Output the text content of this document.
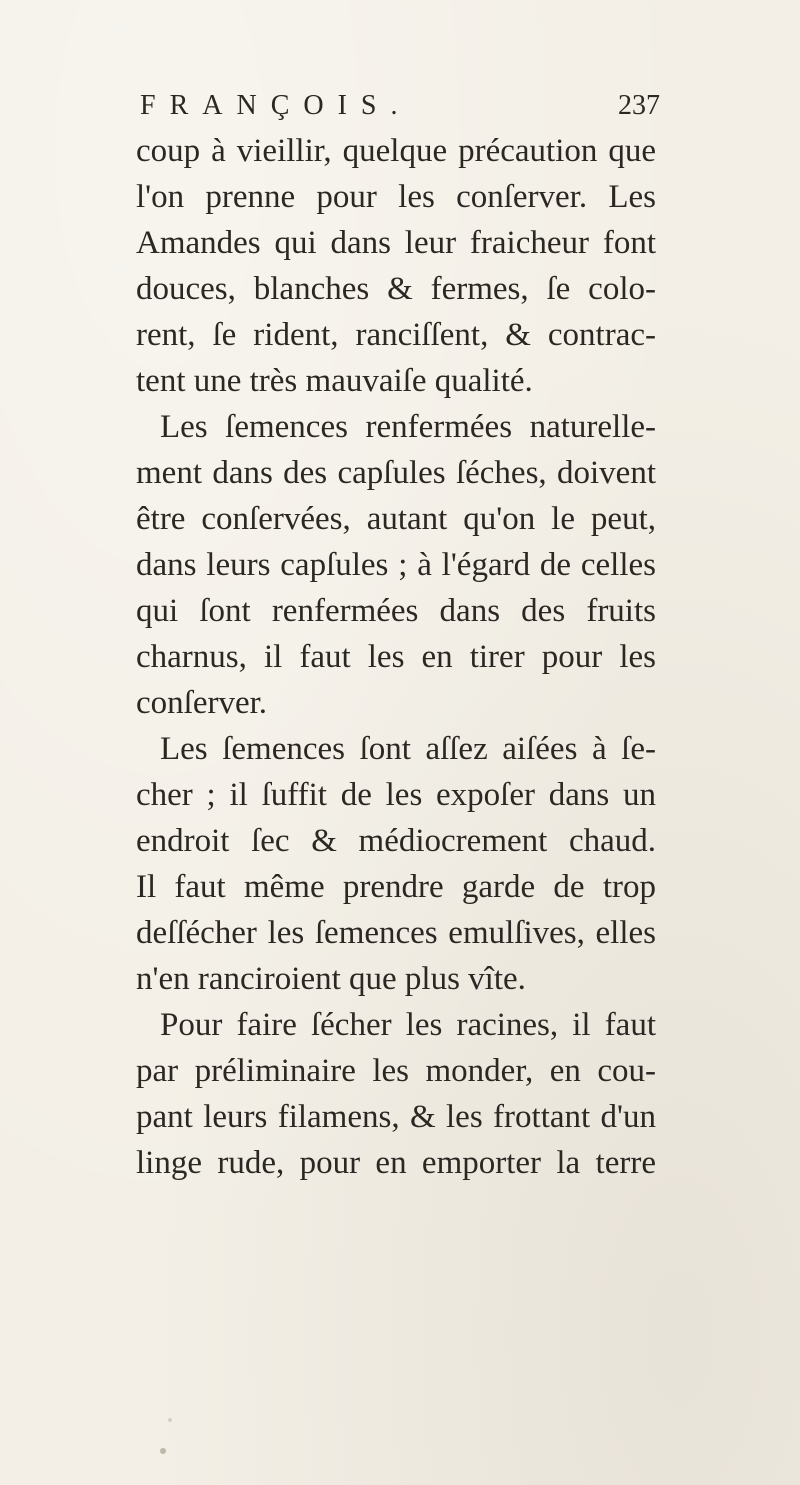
FRANÇOIS.	237
coup à vieillir, quelque précaution que
l'on prenne pour les conſerver. Les
Amandes qui dans leur fraicheur font
douces, blanches & fermes, ſe colo-
rent, ſe rident, ranciſſent, & contrac-
tent une très mauvaiſe qualité.
Les ſemences renfermées naturelle-
ment dans des capſules ſéches, doivent
être conſervées, autant qu'on le peut,
dans leurs capſules ; à l'égard de celles
qui ſont renfermées dans des fruits
charnus, il faut les en tirer pour les
conſerver.
Les ſemences ſont aſſez aiſées à ſe-
cher ; il ſuffit de les expoſer dans un
endroit ſec & médiocrement chaud.
Il faut même prendre garde de trop
deſſécher les ſemences emulſives, elles
n'en ranciroient que plus vîte.
Pour faire ſécher les racines, il faut
par préliminaire les monder, en cou-
pant leurs filamens, & les frottant d'un
linge rude, pour en emporter la terre
